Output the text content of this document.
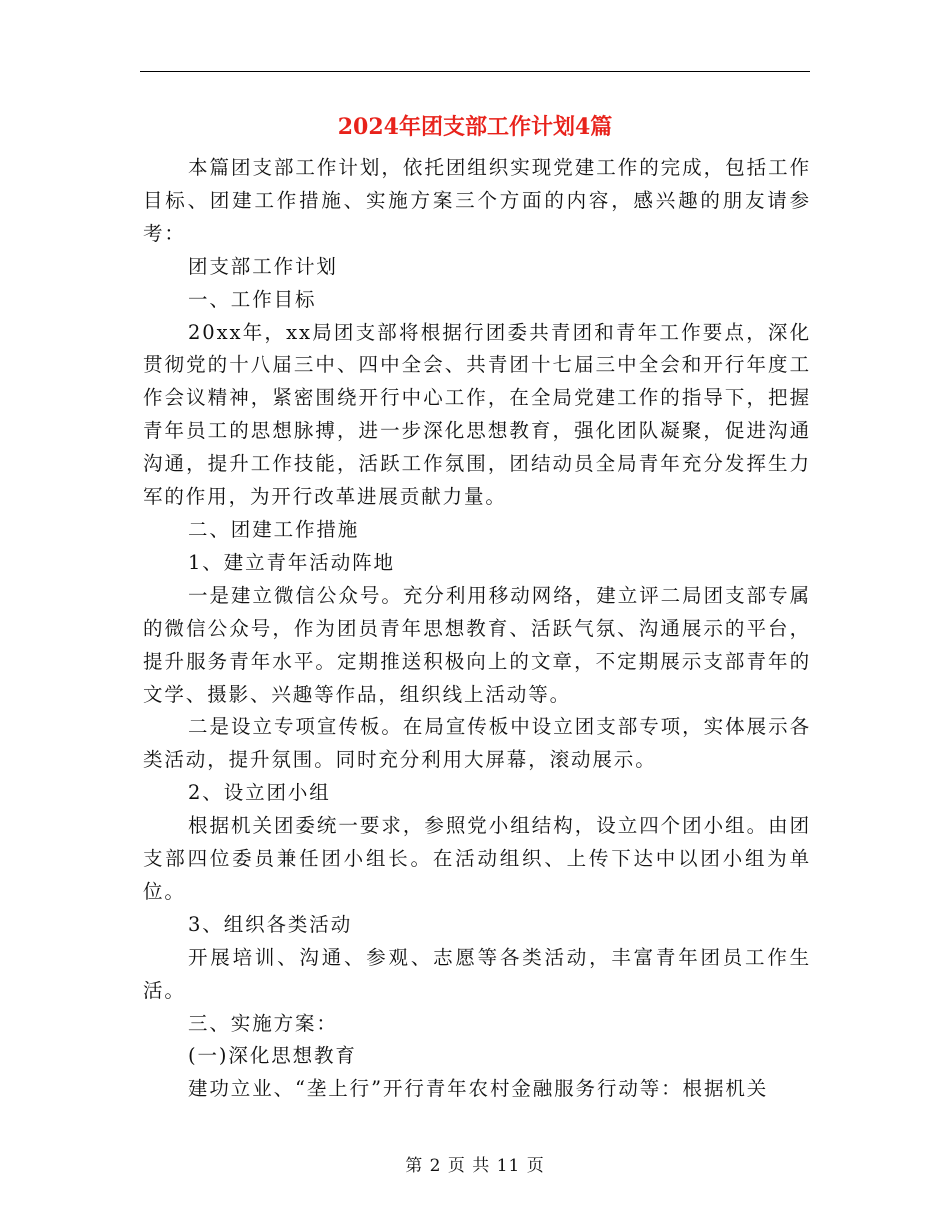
2024年团支部工作计划4篇

本篇团支部工作计划，依托团组织实现党建工作的完成，包括工作目标、团建工作措施、实施方案三个方面的内容，感兴趣的朋友请参考：

团支部工作计划

一、工作目标

20xx年，xx局团支部将根据行团委共青团和青年工作要点，深化贯彻党的十八届三中、四中全会、共青团十七届三中全会和开行年度工作会议精神，紧密围绕开行中心工作，在全局党建工作的指导下，把握青年员工的思想脉搏，进一步深化思想教育，强化团队凝聚，促进沟通沟通，提升工作技能，活跃工作氛围，团结动员全局青年充分发挥生力军的作用，为开行改革进展贡献力量。

二、团建工作措施

1、建立青年活动阵地

一是建立微信公众号。充分利用移动网络，建立评二局团支部专属的微信公众号，作为团员青年思想教育、活跃气氛、沟通展示的平台，提升服务青年水平。定期推送积极向上的文章，不定期展示支部青年的文学、摄影、兴趣等作品，组织线上活动等。

二是设立专项宣传板。在局宣传板中设立团支部专项，实体展示各类活动，提升氛围。同时充分利用大屏幕，滚动展示。

2、设立团小组

根据机关团委统一要求，参照党小组结构，设立四个团小组。由团支部四位委员兼任团小组长。在活动组织、上传下达中以团小组为单位。

3、组织各类活动

开展培训、沟通、参观、志愿等各类活动，丰富青年团员工作生活。

三、实施方案：

(一)深化思想教育

建功立业、“垄上行”开行青年农村金融服务行动等：根据机关

第 2 页 共 11 页
